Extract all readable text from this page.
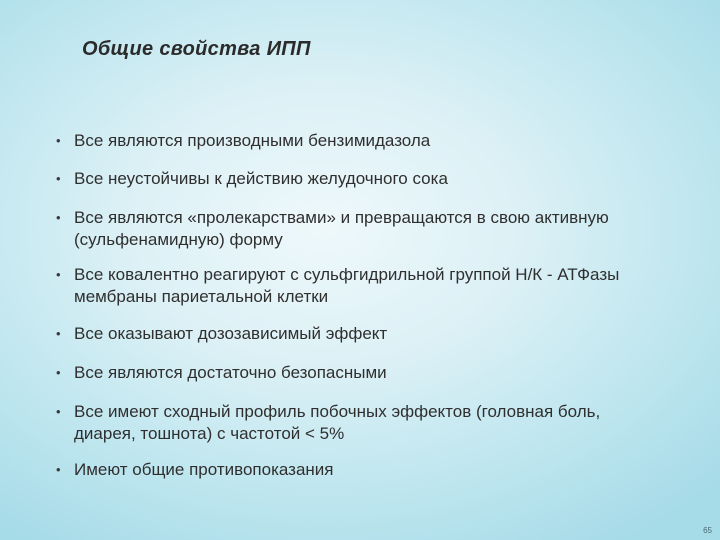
Общие свойства ИПП
• Все являются производными бензимидазола
• Все неустойчивы к действию желудочного сока
• Все являются «пролекарствами» и превращаются в свою активную (сульфенамидную) форму
• Все ковалентно реагируют с сульфгидрильной группой Н/К - АТФазы мембраны париетальной клетки
• Все оказывают дозозависимый эффект
• Все являются достаточно безопасными
• Все имеют сходный профиль побочных эффектов (головная боль, диарея, тошнота) с частотой < 5%
• Имеют общие противопоказания
65
